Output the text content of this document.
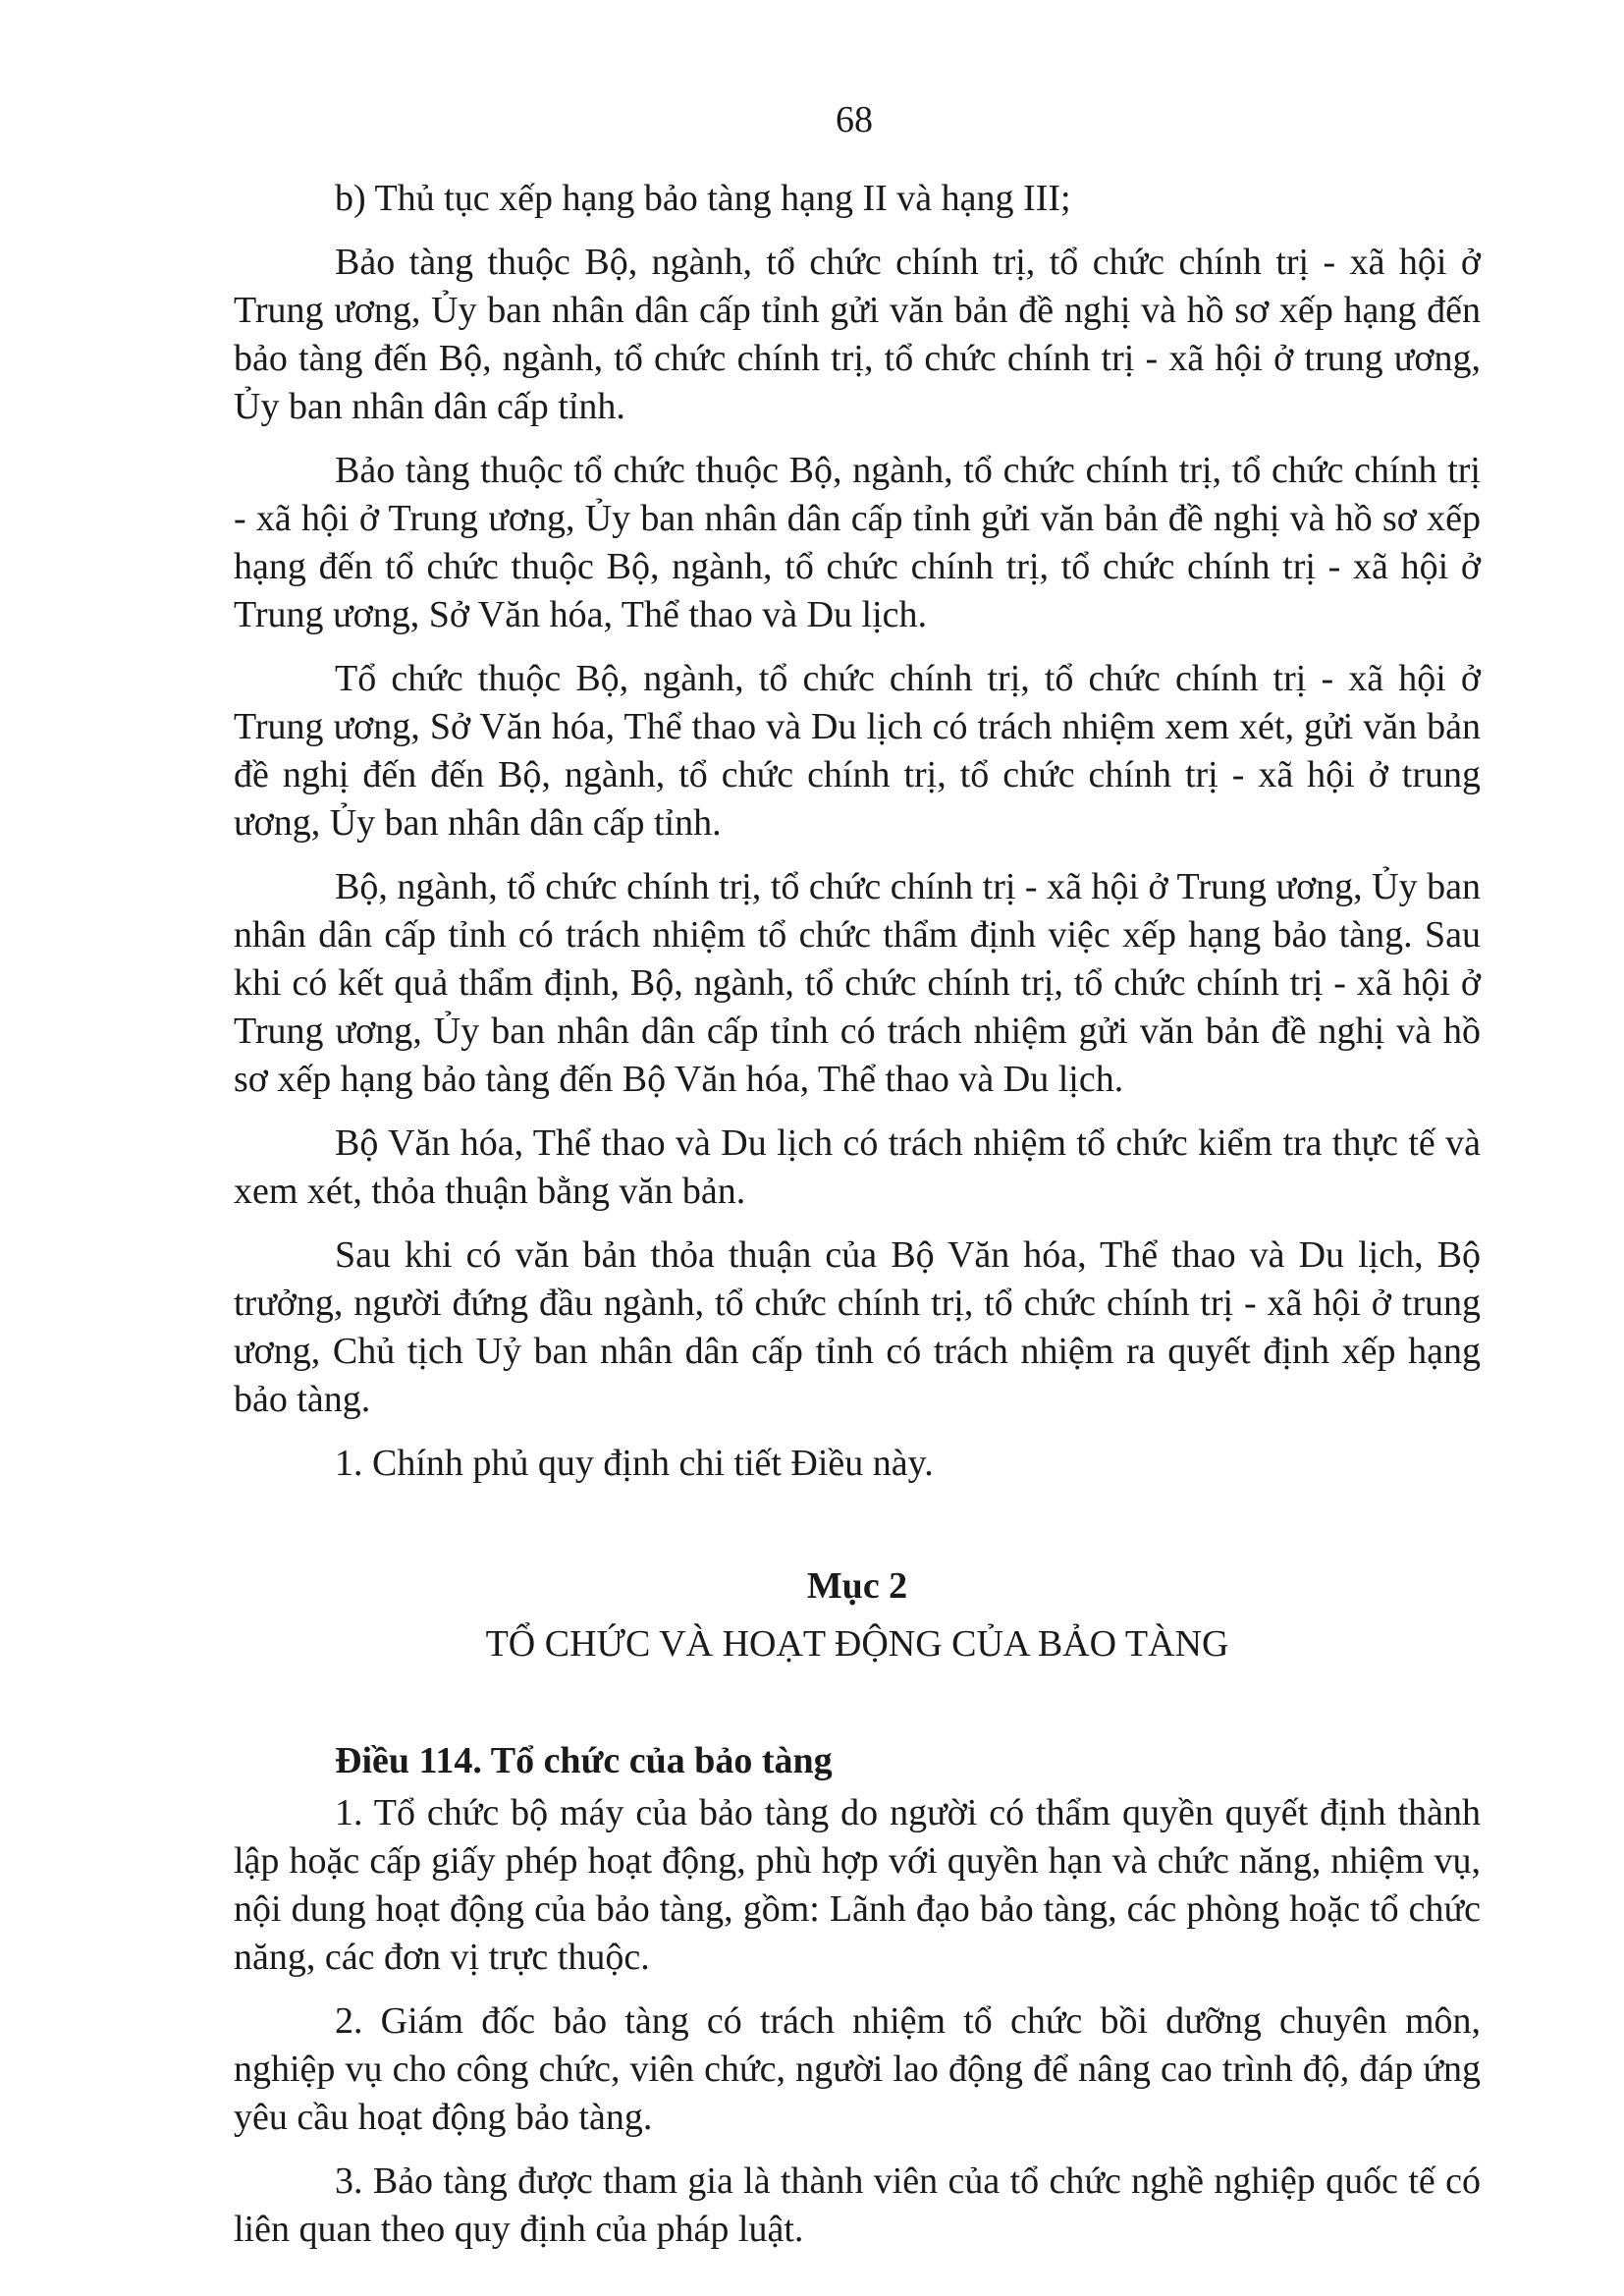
68

b) Thủ tục xếp hạng bảo tàng hạng II và hạng III;

Bảo tàng thuộc Bộ, ngành, tổ chức chính trị, tổ chức chính trị - xã hội ở Trung ương, Ủy ban nhân dân cấp tỉnh gửi văn bản đề nghị và hồ sơ xếp hạng đến bảo tàng đến Bộ, ngành, tổ chức chính trị, tổ chức chính trị - xã hội ở trung ương, Ủy ban nhân dân cấp tỉnh.

Bảo tàng thuộc tổ chức thuộc Bộ, ngành, tổ chức chính trị, tổ chức chính trị - xã hội ở Trung ương, Ủy ban nhân dân cấp tỉnh gửi văn bản đề nghị và hồ sơ xếp hạng đến tổ chức thuộc Bộ, ngành, tổ chức chính trị, tổ chức chính trị - xã hội ở Trung ương, Sở Văn hóa, Thể thao và Du lịch.

Tổ chức thuộc Bộ, ngành, tổ chức chính trị, tổ chức chính trị - xã hội ở Trung ương, Sở Văn hóa, Thể thao và Du lịch có trách nhiệm xem xét, gửi văn bản đề nghị đến đến Bộ, ngành, tổ chức chính trị, tổ chức chính trị - xã hội ở trung ương, Ủy ban nhân dân cấp tỉnh.

Bộ, ngành, tổ chức chính trị, tổ chức chính trị - xã hội ở Trung ương, Ủy ban nhân dân cấp tỉnh có trách nhiệm tổ chức thẩm định việc xếp hạng bảo tàng. Sau khi có kết quả thẩm định, Bộ, ngành, tổ chức chính trị, tổ chức chính trị - xã hội ở Trung ương, Ủy ban nhân dân cấp tỉnh có trách nhiệm gửi văn bản đề nghị và hồ sơ xếp hạng bảo tàng đến Bộ Văn hóa, Thể thao và Du lịch.

Bộ Văn hóa, Thể thao và Du lịch có trách nhiệm tổ chức kiểm tra thực tế và xem xét, thỏa thuận bằng văn bản.

Sau khi có văn bản thỏa thuận của Bộ Văn hóa, Thể thao và Du lịch, Bộ trưởng, người đứng đầu ngành, tổ chức chính trị, tổ chức chính trị - xã hội ở trung ương, Chủ tịch Uỷ ban nhân dân cấp tỉnh có trách nhiệm ra quyết định xếp hạng bảo tàng.

1. Chính phủ quy định chi tiết Điều này.

Mục 2
TỔ CHỨC VÀ HOẠT ĐỘNG CỦA BẢO TÀNG
Điều 114. Tổ chức của bảo tàng

1. Tổ chức bộ máy của bảo tàng do người có thẩm quyền quyết định thành lập hoặc cấp giấy phép hoạt động, phù hợp với quyền hạn và chức năng, nhiệm vụ, nội dung hoạt động của bảo tàng, gồm: Lãnh đạo bảo tàng, các phòng hoặc tổ chức năng, các đơn vị trực thuộc.

2. Giám đốc bảo tàng có trách nhiệm tổ chức bồi dưỡng chuyên môn, nghiệp vụ cho công chức, viên chức, người lao động để nâng cao trình độ, đáp ứng yêu cầu hoạt động bảo tàng.

3. Bảo tàng được tham gia là thành viên của tổ chức nghề nghiệp quốc tế có liên quan theo quy định của pháp luật.
